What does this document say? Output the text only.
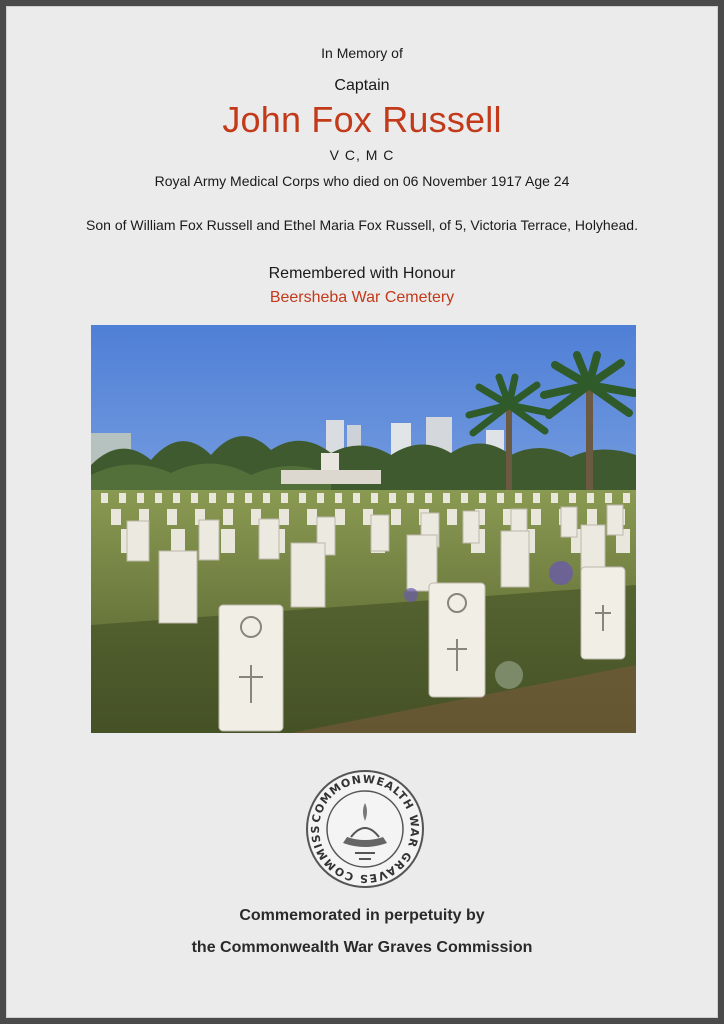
In Memory of
Captain
John Fox Russell
V C, M C
Royal Army Medical Corps who died on 06 November 1917 Age 24
Son of William Fox Russell and Ethel Maria Fox Russell, of 5, Victoria Terrace, Holyhead.
Remembered with Honour
Beersheba War Cemetery
COMMONWEALTH WAR GRAVES COMMISS
Commemorated in perpetuity by
the Commonwealth War Graves Commission
